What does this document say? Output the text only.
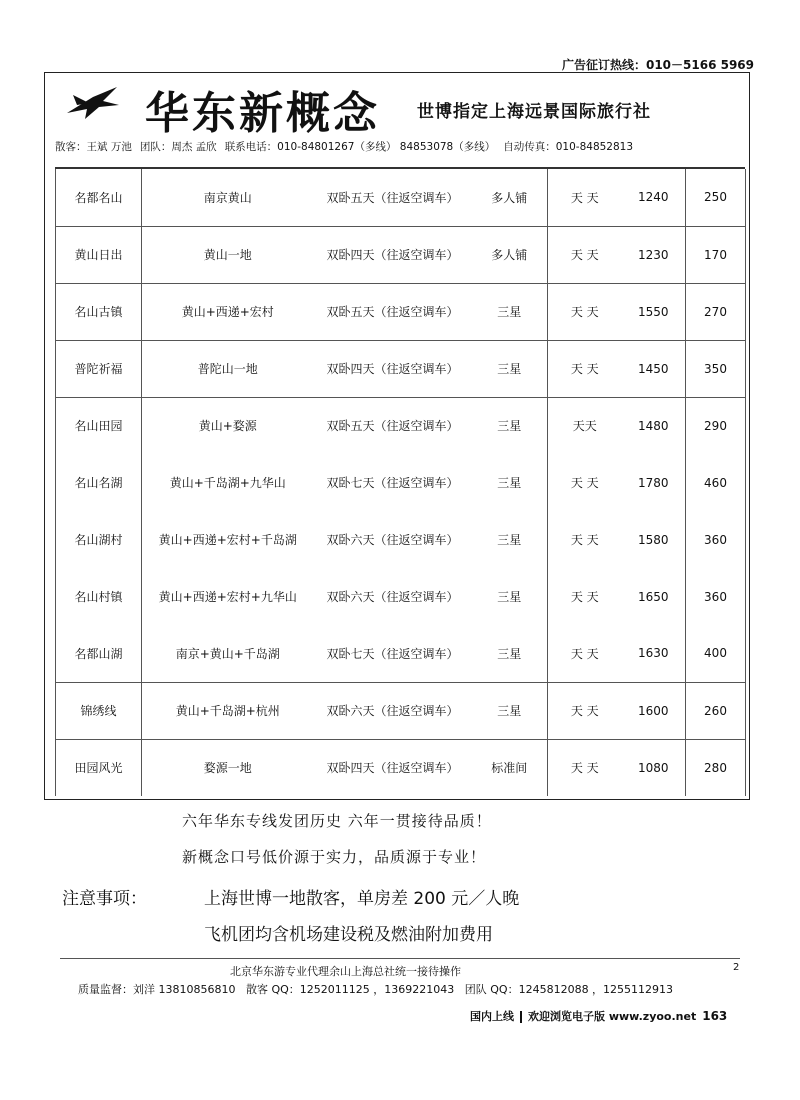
广告征订热线：010－5166 5969
华东新概念 世博指定上海远景国际旅行社
散客：王斌 万池 团队：周杰 孟欣 联系电话：010-84801267（多线） 84853078（多线） 自动传真：010-84852813
名都名山	南京黄山	双卧五天（往返空调车）	多人铺	天 天	1240	250
黄山日出	黄山一地	双卧四天（往返空调车）	多人铺	天 天	1230	170
名山古镇	黄山+西递+宏村	双卧五天（往返空调车）	三星	天 天	1550	270
普陀祈福	普陀山一地	双卧四天（往返空调车）	三星	天 天	1450	350
名山田园	黄山+婺源	双卧五天（往返空调车）	三星	天天	1480	290
名山名湖	黄山+千岛湖+九华山	双卧七天（往返空调车）	三星	天 天	1780	460
名山湖村	黄山+西递+宏村+千岛湖	双卧六天（往返空调车）	三星	天 天	1580	360
名山村镇	黄山+西递+宏村+九华山	双卧六天（往返空调车）	三星	天 天	1650	360
名都山湖	南京+黄山+千岛湖	双卧七天（往返空调车）	三星	天 天	1630	400
锦绣线	黄山+千岛湖+杭州	双卧六天（往返空调车）	三星	天 天	1600	260
田园风光	婺源一地	双卧四天（往返空调车）	标准间	天 天	1080	280
六年华东专线发团历史 六年一贯接待品质！
新概念口号低价源于实力，品质源于专业！
注意事项：	上海世博一地散客，单房差 200 元／人晚
飞机团均含机场建设税及燃油附加费用
北京华东游专业代理余山上海总社统一接待操作	2
质量监督：刘洋 13810856810 散客 QQ：1252011125 ，1369221043 团队 QQ：1245812088 ，1255112913
国内上线 欢迎浏览电子版 www.zyoo.net 163
